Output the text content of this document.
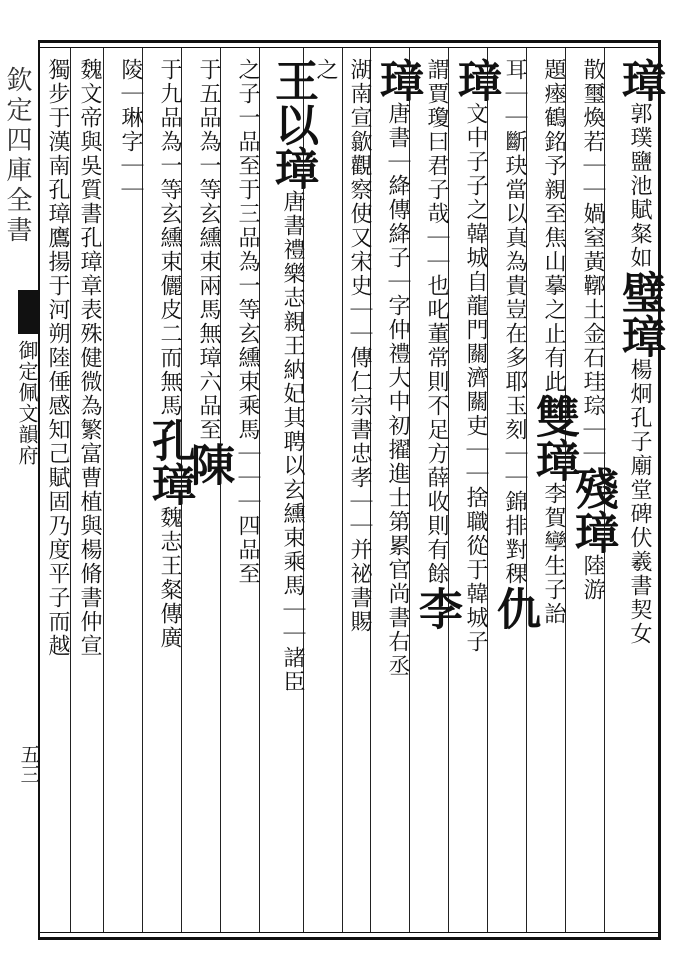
欽定四庫全書
御定佩文韻府
五三
璋郭璞鹽池賦粲如璧璋楊炯孔子廟堂碑伏羲書契女
散璽煥若｜｜媧窒黃鞹土金石珪琮｜｜殘璋陸游
題瘞鶴銘予親至焦山摹之止有此雙璋李賀孿生子詒
耳｜｜斷玦當以真為貴豈在多耶玉刻｜｜錦排對稞仇
璋文中子子之韓城自龍門關濟關吏｜｜捨職從于韓城子
謂賈瓊曰君子哉｜｜也叱董常則不足方薛收則有餘李
璋唐書｜絳傳絳子｜字仲禮大中初擢進士第累官尚書右丞
湖南宣歙觀察使又宋史｜｜傳仁宗書忠孝｜｜并祕書賜
之
王以璋唐書禮樂志親王納妃其聘以玄纁束乘馬｜｜諸臣
之子一品至于三品為一等玄纁束乘馬｜｜｜四品至
于五品為一等玄纁束兩馬無璋六品至陳
于九品為一等玄纁束儷皮二而無馬孔璋魏志王粲傳廣
陵｜琳字｜｜
魏文帝與吳質書孔璋章表殊健微為繁富曹植與楊脩書仲宣
獨步于漢南孔璋鷹揚于河朔陸倕感知己賦固乃度平子而越
